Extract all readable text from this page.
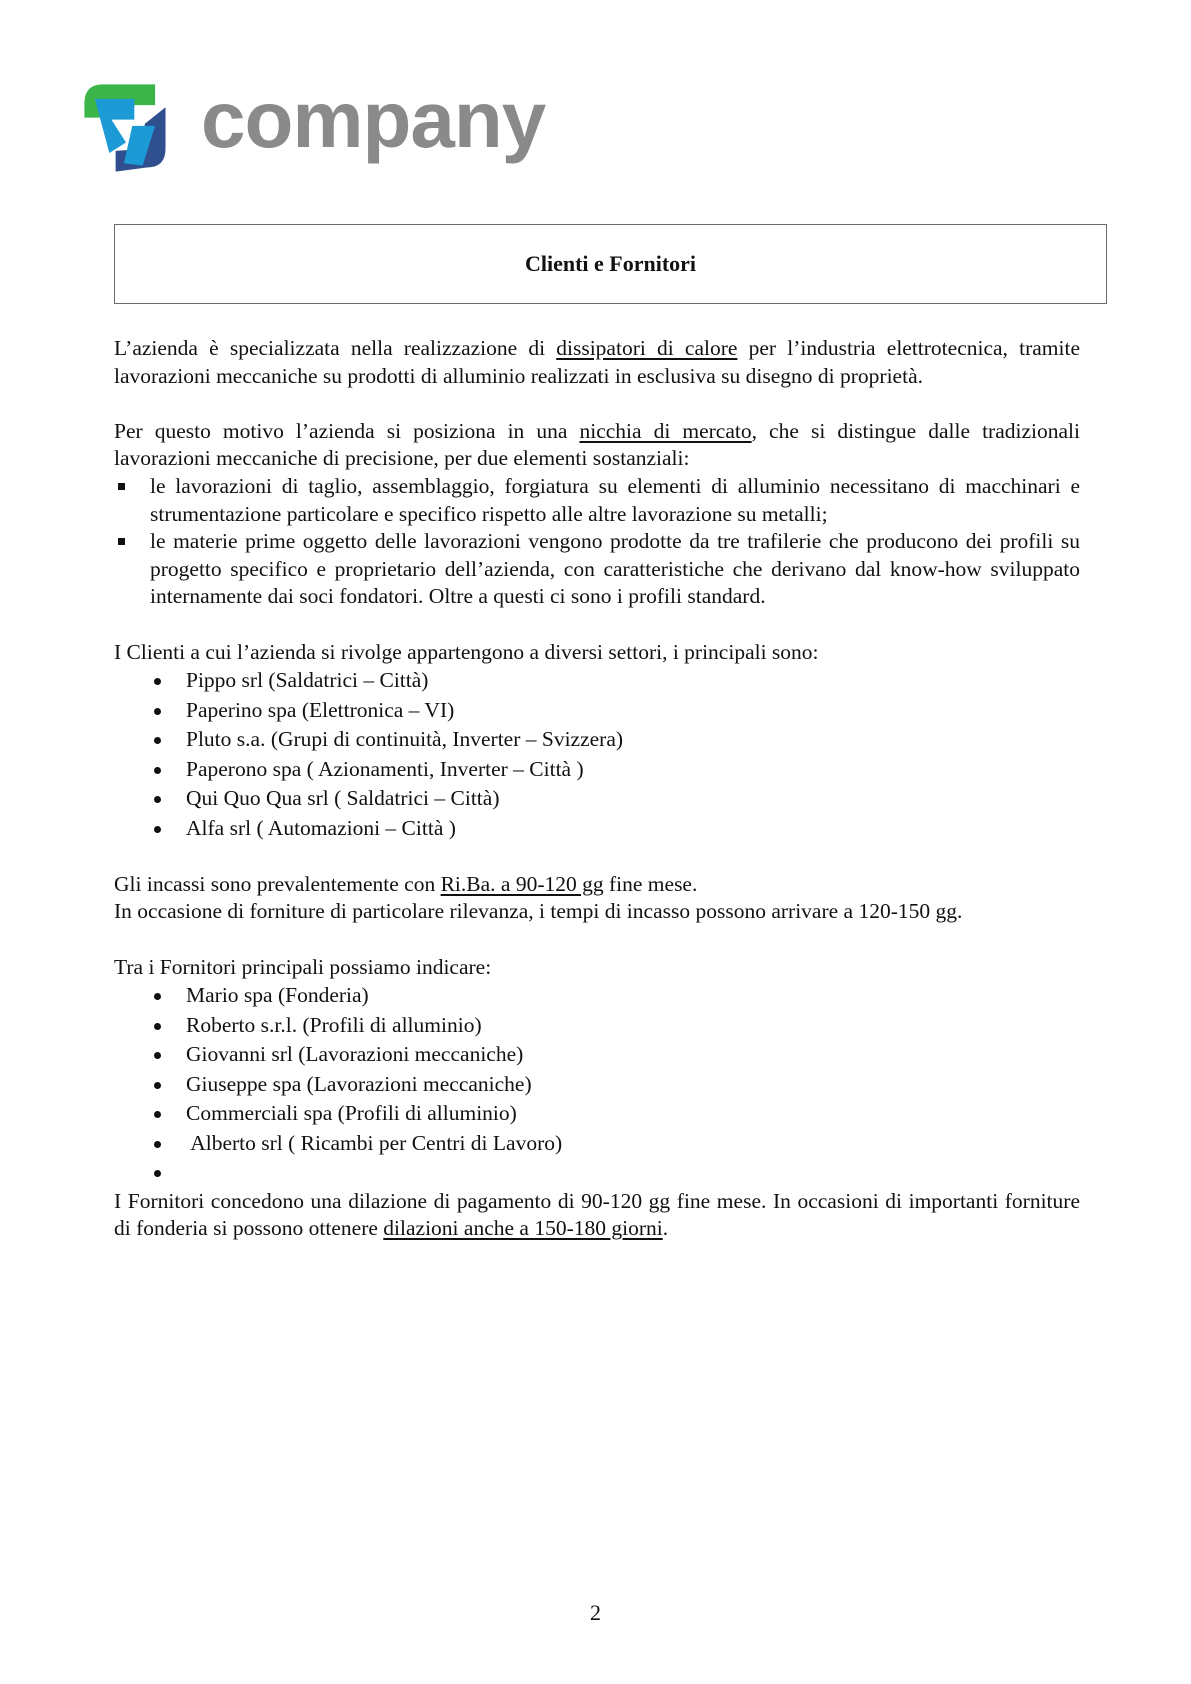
company
Clienti e Fornitori

L’azienda è specializzata nella realizzazione di dissipatori di calore per l’industria elettrotecnica, tramite lavorazioni meccaniche su prodotti di alluminio realizzati in esclusiva su disegno di proprietà.

Per questo motivo l’azienda si posiziona in una nicchia di mercato, che si distingue dalle tradizionali lavorazioni meccaniche di precisione, per due elementi sostanziali:

le lavorazioni di taglio, assemblaggio, forgiatura su elementi di alluminio necessitano di macchinari e strumentazione particolare e specifico rispetto alle altre lavorazione su metalli;
le materie prime oggetto delle lavorazioni vengono prodotte da tre trafilerie che producono dei profili su progetto specifico e proprietario dell’azienda, con caratteristiche che derivano dal know-how sviluppato internamente dai soci fondatori. Oltre a questi ci sono i profili standard.

I Clienti a cui l’azienda si rivolge appartengono a diversi settori, i principali sono:

Pippo srl (Saldatrici – Città)
Paperino spa (Elettronica – VI)
Pluto s.a. (Grupi di continuità, Inverter – Svizzera)
Paperono spa ( Azionamenti, Inverter – Città )
Qui Quo Qua srl ( Saldatrici – Città)
Alfa srl ( Automazioni – Città )

Gli incassi sono prevalentemente con Ri.Ba. a 90-120 gg fine mese.

In occasione di forniture di particolare rilevanza, i tempi di incasso possono arrivare a 120-150 gg.

Tra i Fornitori principali possiamo indicare:

Mario spa (Fonderia)
Roberto s.r.l. (Profili di alluminio)
Giovanni srl (Lavorazioni meccaniche)
Giuseppe spa (Lavorazioni meccaniche)
Commerciali spa (Profili di alluminio)
Alberto srl ( Ricambi per Centri di Lavoro)

I Fornitori concedono una dilazione di pagamento di 90-120 gg fine mese. In occasioni di importanti forniture di fonderia si possono ottenere dilazioni anche a 150-180 giorni.

2
